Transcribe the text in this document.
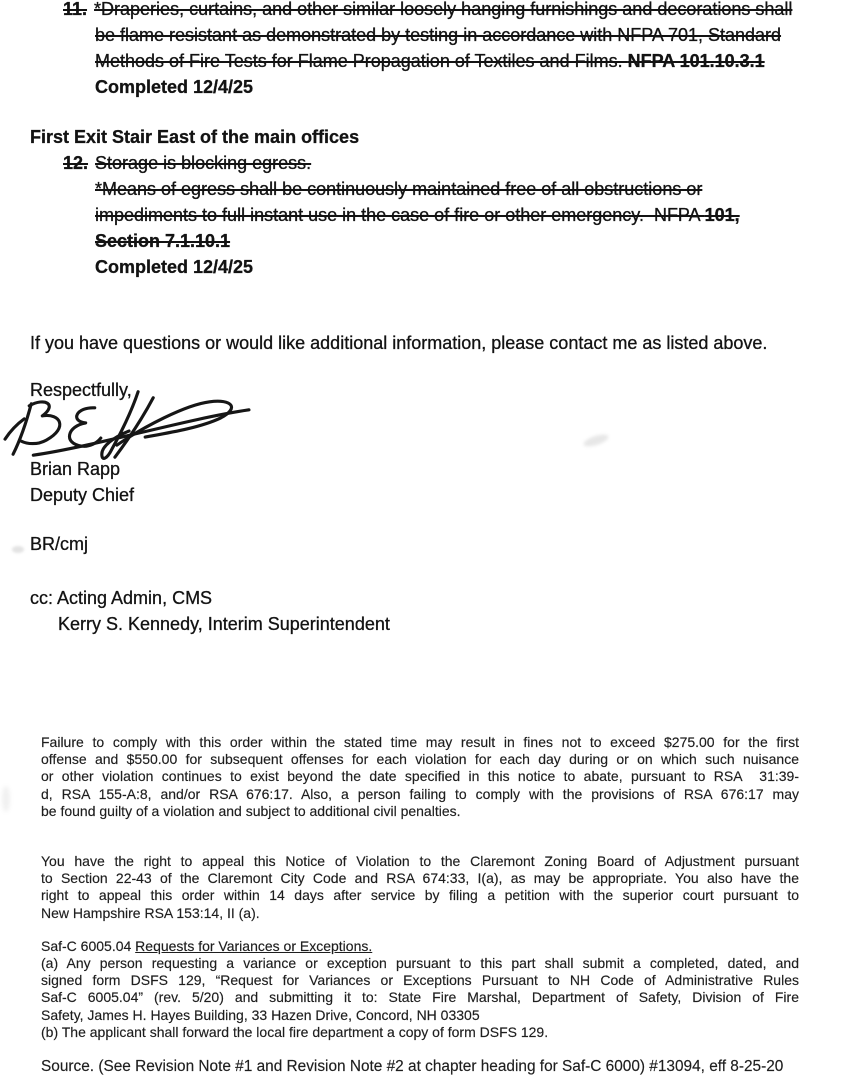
11. *Draperies, curtains, and other similar loosely hanging furnishings and decorations shall
be flame resistant as demonstrated by testing in accordance with NFPA 701, Standard
Methods of Fire Tests for Flame Propagation of Textiles and Films. NFPA 101.10.3.1
Completed 12/4/25
First Exit Stair East of the main offices
12. Storage is blocking egress.
*Means of egress shall be continuously maintained free of all obstructions or
impediments to full instant use in the case of fire or other emergency.  NFPA 101,
Section 7.1.10.1
Completed 12/4/25
If you have questions or would like additional information, please contact me as listed above.
Respectfully,
Brian Rapp
Deputy Chief
BR/cmj
cc: Acting Admin, CMS
Kerry S. Kennedy, Interim Superintendent
Failure to comply with this order within the stated time may result in fines not to exceed $275.00 for the first
offense and $550.00 for subsequent offenses for each violation for each day during or on which such nuisance
or other violation continues to exist beyond the date specified in this notice to abate, pursuant to RSA  31:39-
d, RSA 155-A:8, and/or RSA 676:17. Also, a person failing to comply with the provisions of RSA 676:17 may
be found guilty of a violation and subject to additional civil penalties.
You have the right to appeal this Notice of Violation to the Claremont Zoning Board of Adjustment pursuant
to Section 22-43 of the Claremont City Code and RSA 674:33, I(a), as may be appropriate. You also have the
right to appeal this order within 14 days after service by filing a petition with the superior court pursuant to
New Hampshire RSA 153:14, II (a).
Saf-C 6005.04 Requests for Variances or Exceptions.
(a) Any person requesting a variance or exception pursuant to this part shall submit a completed, dated, and
signed form DSFS 129, “Request for Variances or Exceptions Pursuant to NH Code of Administrative Rules
Saf-C 6005.04” (rev. 5/20) and submitting it to: State Fire Marshal, Department of Safety, Division of Fire
Safety, James H. Hayes Building, 33 Hazen Drive, Concord, NH 03305
(b) The applicant shall forward the local fire department a copy of form DSFS 129.
Source. (See Revision Note #1 and Revision Note #2 at chapter heading for Saf-C 6000) #13094, eff 8-25-20
